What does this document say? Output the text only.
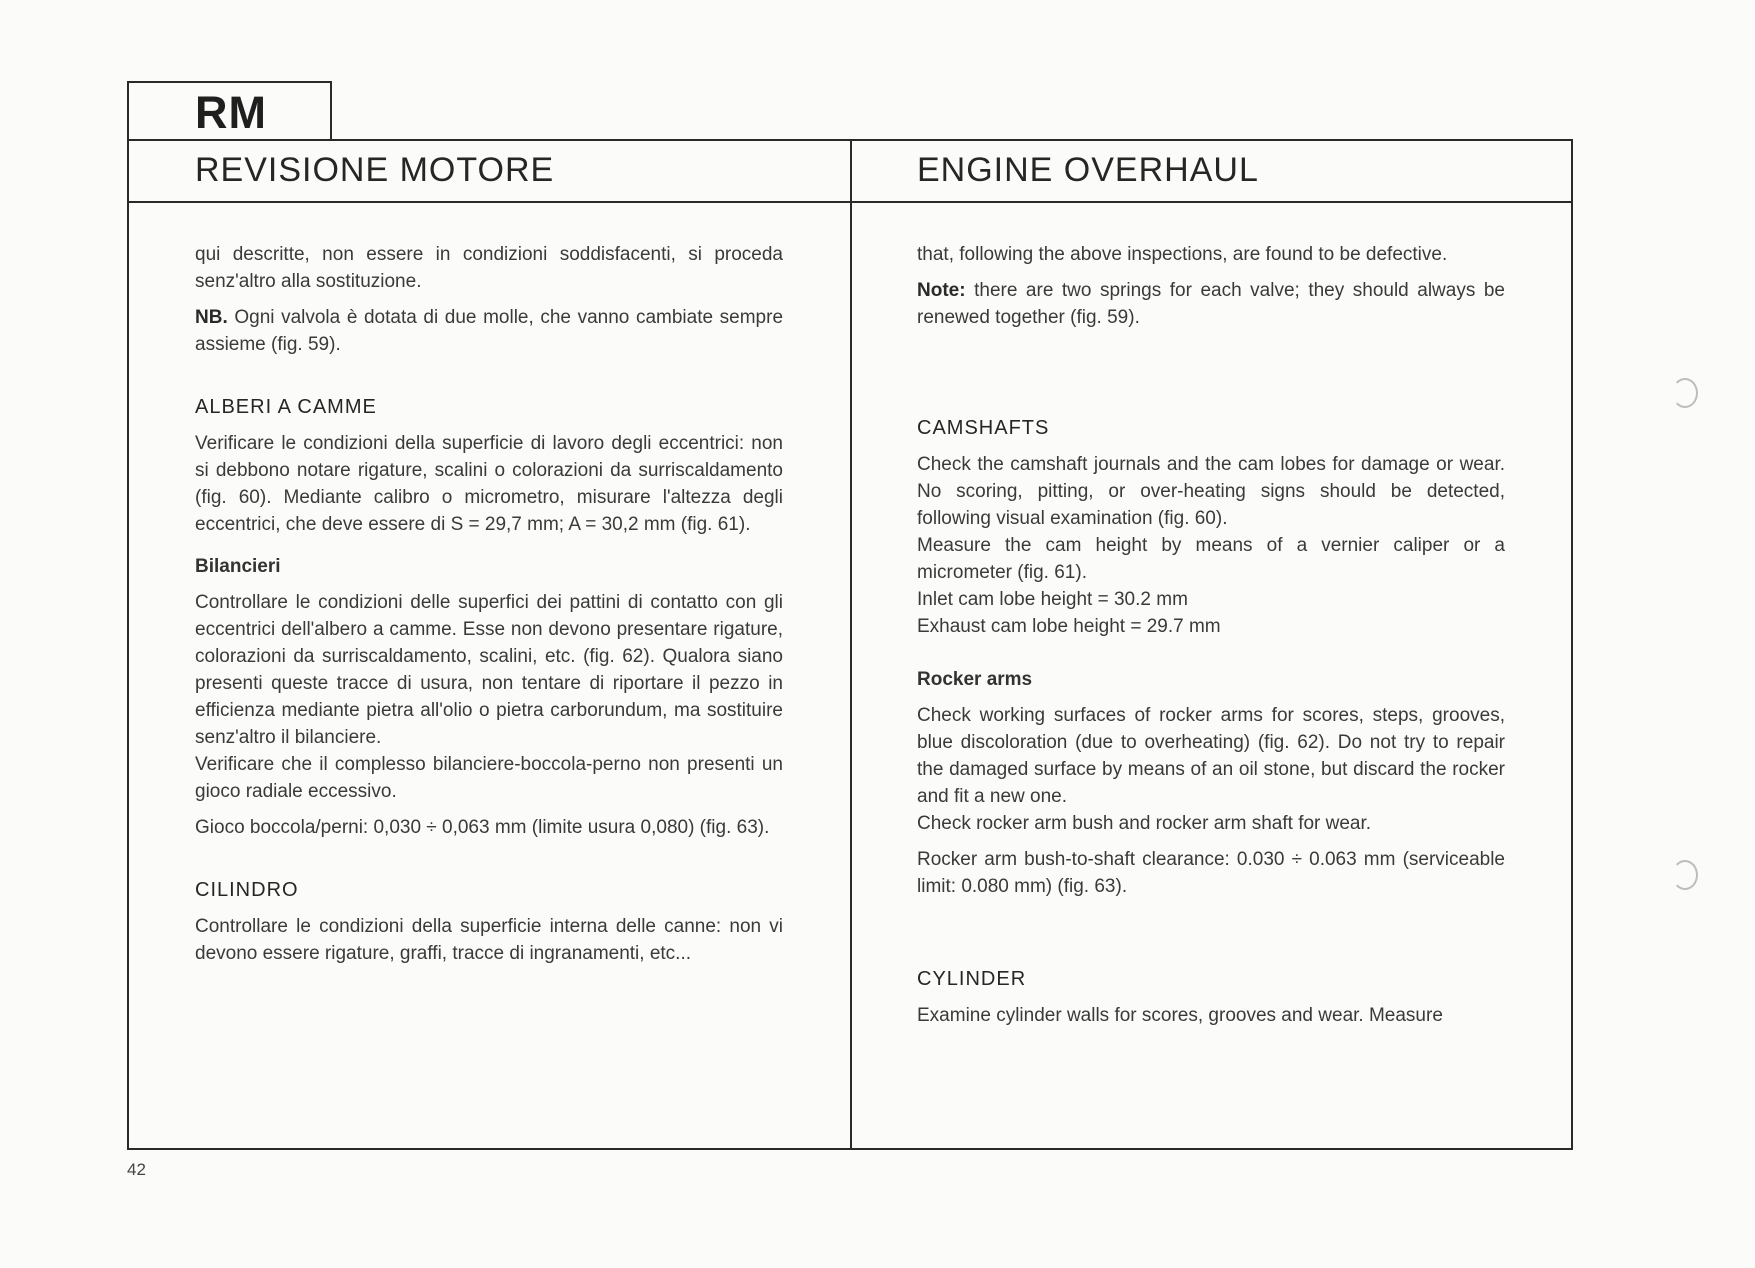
RM
REVISIONE MOTORE	ENGINE OVERHAUL

qui descritte, non essere in condizioni soddisfacenti, si proceda senz'altro alla sostituzione.

NB. Ogni valvola è dotata di due molle, che vanno cambiate sempre assieme (fig. 59).

ALBERI A CAMME

Verificare le condizioni della superficie di lavoro degli eccentrici: non si debbono notare rigature, scalini o colorazioni da surriscaldamento (fig. 60). Mediante calibro o micrometro, misurare l'altezza degli eccentrici, che deve essere di S = 29,7 mm; A = 30,2 mm (fig. 61).

Bilancieri

Controllare le condizioni delle superfici dei pattini di contatto con gli eccentrici dell'albero a camme. Esse non devono presentare rigature, colorazioni da surriscaldamento, scalini, etc. (fig. 62). Qualora siano presenti queste tracce di usura, non tentare di riportare il pezzo in efficienza mediante pietra all'olio o pietra carborundum, ma sostituire senz'altro il bilanciere.

Verificare che il complesso bilanciere-boccola-perno non presenti un gioco radiale eccessivo.

Gioco boccola/perni: 0,030 ÷ 0,063 mm (limite usura 0,080) (fig. 63).

CILINDRO

Controllare le condizioni della superficie interna delle canne: non vi devono essere rigature, graffi, tracce di ingranamenti, etc...

that, following the above inspections, are found to be defective.

Note: there are two springs for each valve; they should always be renewed together (fig. 59).

CAMSHAFTS

Check the camshaft journals and the cam lobes for damage or wear. No scoring, pitting, or over-heating signs should be detected, following visual examination (fig. 60).

Measure the cam height by means of a vernier caliper or a micrometer (fig. 61).

Inlet cam lobe height = 30.2 mm

Exhaust cam lobe height = 29.7 mm

Rocker arms

Check working surfaces of rocker arms for scores, steps, grooves, blue discoloration (due to overheating) (fig. 62). Do not try to repair the damaged surface by means of an oil stone, but discard the rocker and fit a new one.

Check rocker arm bush and rocker arm shaft for wear.

Rocker arm bush-to-shaft clearance: 0.030 ÷ 0.063 mm (serviceable limit: 0.080 mm) (fig. 63).

CYLINDER

Examine cylinder walls for scores, grooves and wear. Measure

42
